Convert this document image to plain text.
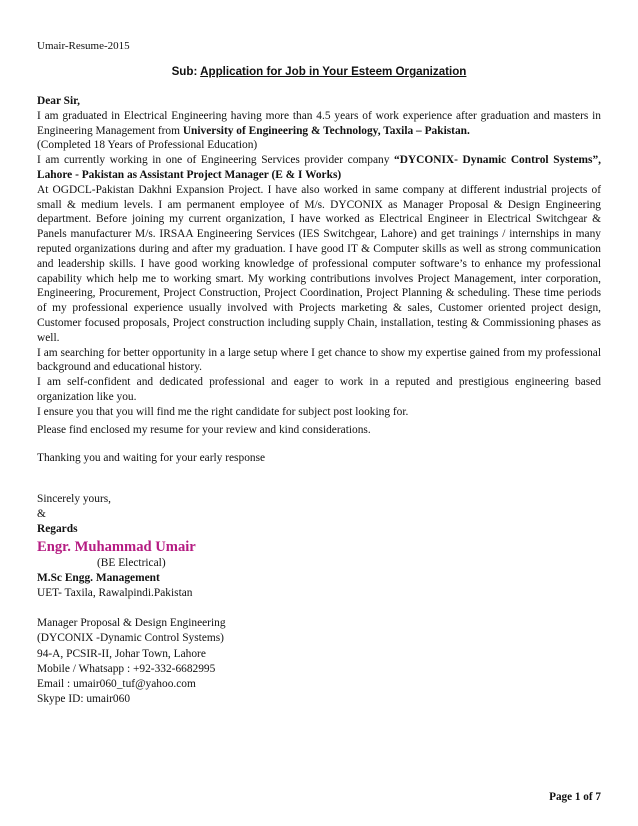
Umair-Resume-2015
Sub: Application for Job in Your Esteem Organization

Dear Sir,

I am graduated in Electrical Engineering having more than 4.5 years of work experience after graduation and masters in Engineering Management from University of Engineering & Technology, Taxila – Pakistan.

(Completed 18 Years of Professional Education)

I am currently working in one of Engineering Services provider company “DYCONIX- Dynamic Control Systems”, Lahore - Pakistan as Assistant Project Manager (E & I Works)

At OGDCL-Pakistan Dakhni Expansion Project. I have also worked in same company at different industrial projects of small & medium levels. I am permanent employee of M/s. DYCONIX as Manager Proposal & Design Engineering department. Before joining my current organization, I have worked as Electrical Engineer in Electrical Switchgear & Panels manufacturer M/s. IRSAA Engineering Services (IES Switchgear, Lahore) and get trainings / internships in many reputed organizations during and after my graduation. I have good IT & Computer skills as well as strong communication and leadership skills. I have good working knowledge of professional computer software’s to enhance my professional capability which help me to working smart. My working contributions involves Project Management, inter corporation, Engineering, Procurement, Project Construction, Project Coordination, Project Planning & scheduling. These time periods of my professional experience usually involved with Projects marketing & sales, Customer oriented project design, Customer focused proposals, Project construction including supply Chain, installation, testing & Commissioning phases as well.

I am searching for better opportunity in a large setup where I get chance to show my expertise gained from my professional background and educational history.

I am self-confident and dedicated professional and eager to work in a reputed and prestigious engineering based organization like you.

I ensure you that you will find me the right candidate for subject post looking for.

Please find enclosed my resume for your review and kind considerations.

Thanking you and waiting for your early response

Sincerely yours,

&

Regards

Engr. Muhammad Umair

(BE Electrical)

M.Sc Engg. Management

UET- Taxila, Rawalpindi.Pakistan

Manager Proposal & Design Engineering

(DYCONIX -Dynamic Control Systems)

94-A, PCSIR-II, Johar Town, Lahore

Mobile / Whatsapp : +92-332-6682995

Email : umair060_tuf@yahoo.com

Skype ID: umair060

Page 1 of 7
